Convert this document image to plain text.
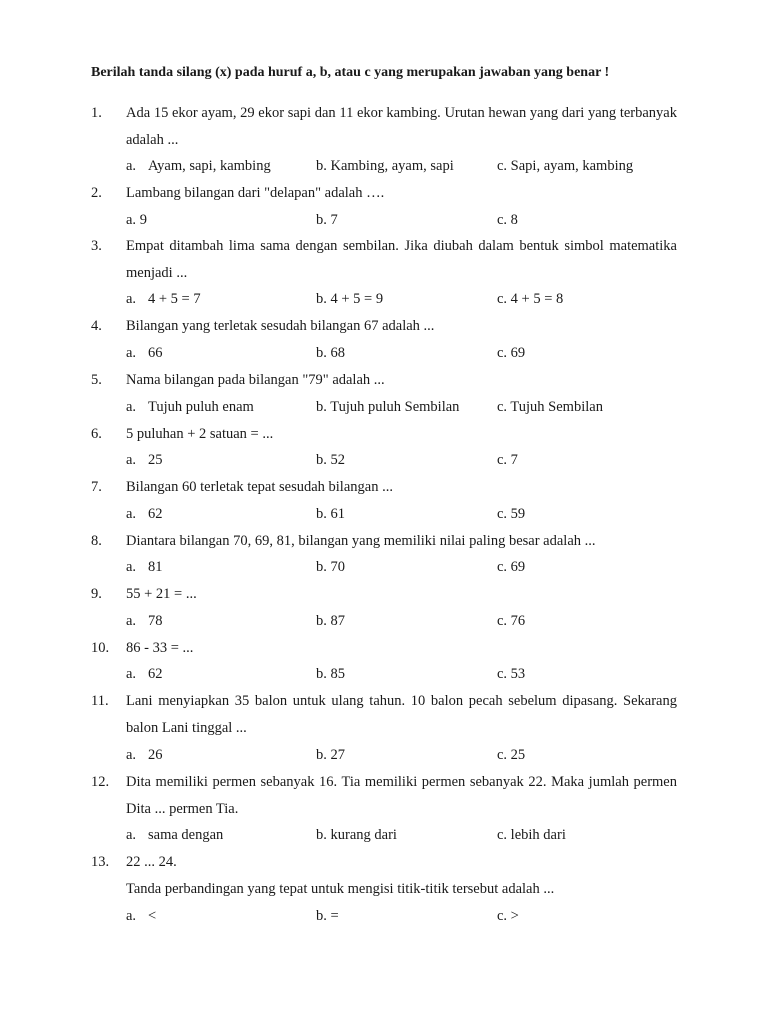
Berilah tanda silang (x) pada huruf a, b, atau c yang merupakan jawaban yang benar !
1. Ada 15 ekor ayam, 29 ekor sapi dan 11 ekor kambing. Urutan hewan yang dari yang terbanyak adalah ...
a. Ayam, sapi, kambing	b. Kambing, ayam, sapi	c. Sapi, ayam, kambing
2. Lambang bilangan dari "delapan" adalah ….
a. 9	b. 7	c. 8
3. Empat ditambah lima sama dengan sembilan. Jika diubah dalam bentuk simbol matematika menjadi ...
a. 4 + 5 = 7	b. 4 + 5 = 9	c. 4 + 5 = 8
4. Bilangan yang terletak sesudah bilangan 67 adalah ...
a. 66	b. 68	c. 69
5. Nama bilangan pada bilangan "79" adalah ...
a. Tujuh puluh enam	b. Tujuh puluh Sembilan	c. Tujuh Sembilan
6. 5 puluhan + 2 satuan = ...
a. 25	b. 52	c. 7
7. Bilangan 60 terletak tepat sesudah bilangan ...
a. 62	b. 61	c. 59
8. Diantara bilangan 70, 69, 81, bilangan yang memiliki nilai paling besar adalah ...
a. 81	b. 70	c. 69
9. 55 + 21 = ...
a. 78	b. 87	c. 76
10. 86 - 33 = ...
a. 62	b. 85	c. 53
11. Lani menyiapkan 35 balon untuk ulang tahun. 10 balon pecah sebelum dipasang. Sekarang balon Lani tinggal ...
a. 26	b. 27	c. 25
12. Dita memiliki permen sebanyak 16. Tia memiliki permen sebanyak 22. Maka jumlah permen Dita ... permen Tia.
a. sama dengan	b. kurang dari	c. lebih dari
13. 22 ... 24.
Tanda perbandingan yang tepat untuk mengisi titik-titik tersebut adalah ...
a. <	b. =	c. >
